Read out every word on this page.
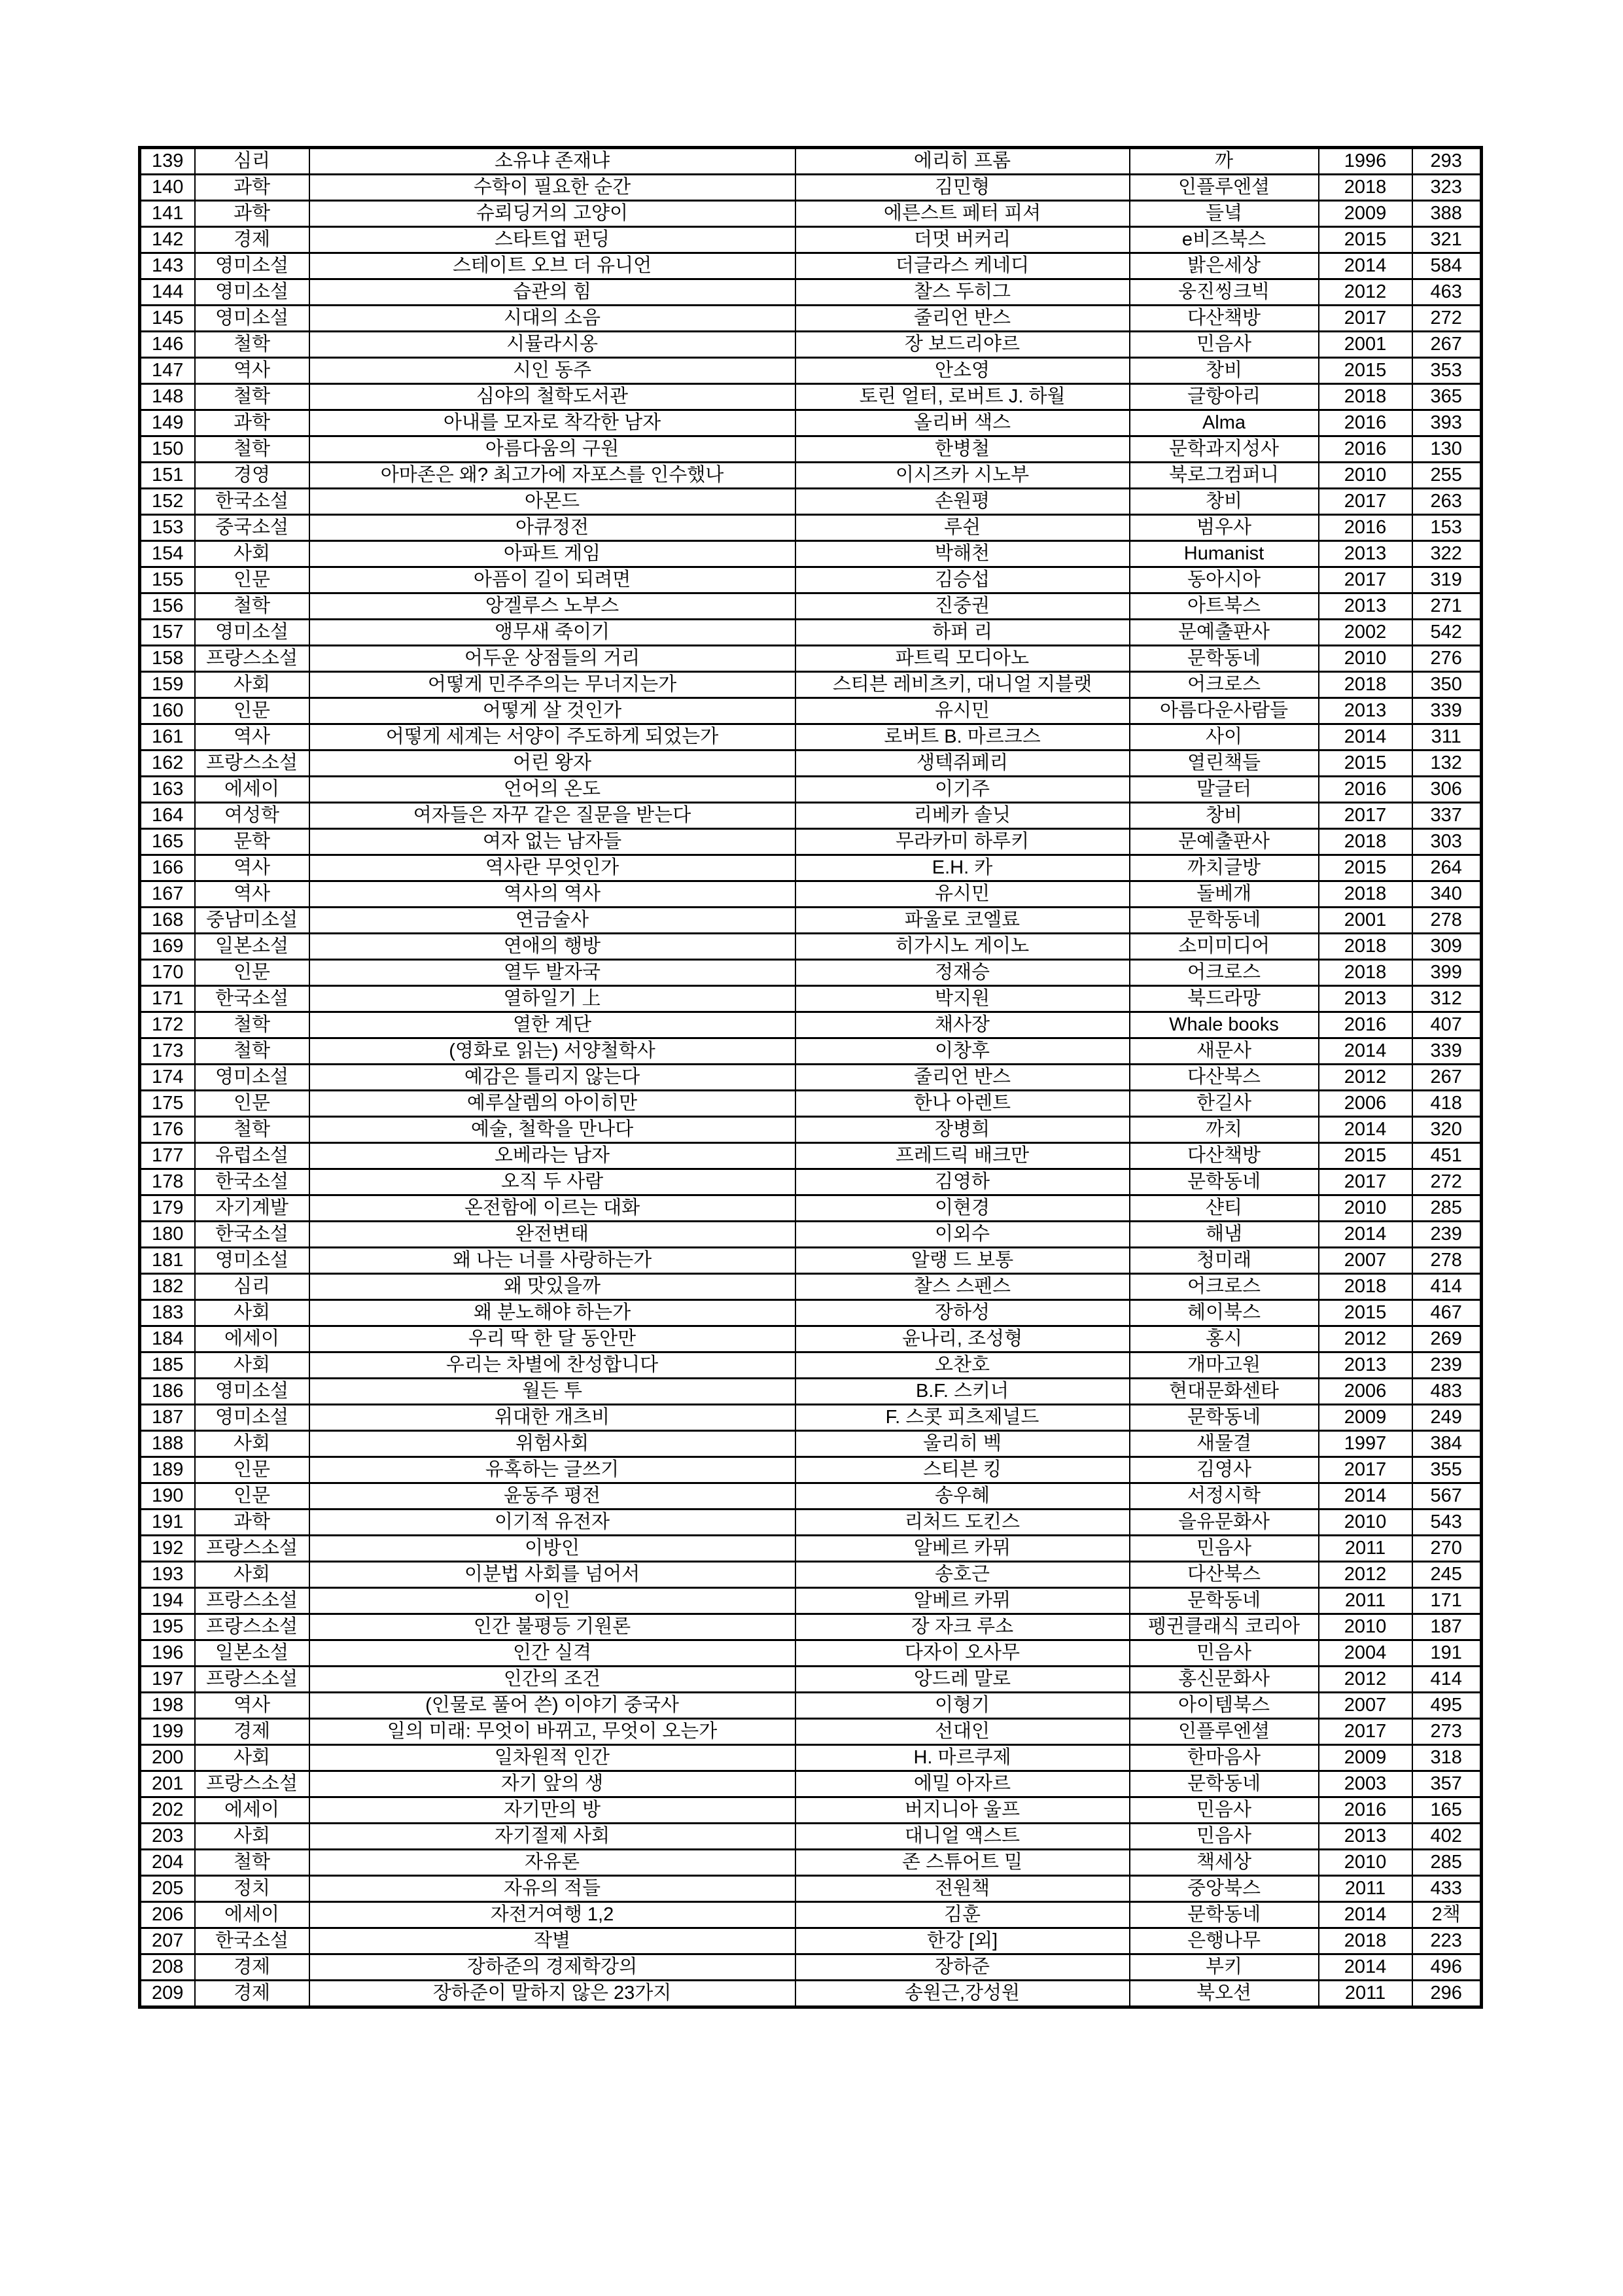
139	심리	소유냐 존재냐	에리히 프롬	까	1996	293
140	과학	수학이 필요한 순간	김민형	인플루엔셜	2018	323
141	과학	슈뢰딩거의 고양이	에른스트 페터 피셔	들녘	2009	388
142	경제	스타트업 펀딩	더멋 버커리	e비즈북스	2015	321
143	영미소설	스테이트 오브 더 유니언	더글라스 케네디	밝은세상	2014	584
144	영미소설	습관의 힘	찰스 두히그	웅진씽크빅	2012	463
145	영미소설	시대의 소음	줄리언 반스	다산책방	2017	272
146	철학	시뮬라시옹	장 보드리야르	민음사	2001	267
147	역사	시인 동주	안소영	창비	2015	353
148	철학	심야의 철학도서관	토린 얼터, 로버트 J. 하월	글항아리	2018	365
149	과학	아내를 모자로 착각한 남자	올리버 색스	Alma	2016	393
150	철학	아름다움의 구원	한병철	문학과지성사	2016	130
151	경영	아마존은 왜? 최고가에 자포스를 인수했나	이시즈카 시노부	북로그컴퍼니	2010	255
152	한국소설	아몬드	손원평	창비	2017	263
153	중국소설	아큐정전	루쉰	범우사	2016	153
154	사회	아파트 게임	박해천	Humanist	2013	322
155	인문	아픔이 길이 되려면	김승섭	동아시아	2017	319
156	철학	앙겔루스 노부스	진중권	아트북스	2013	271
157	영미소설	앵무새 죽이기	하퍼 리	문예출판사	2002	542
158	프랑스소설	어두운 상점들의 거리	파트릭 모디아노	문학동네	2010	276
159	사회	어떻게 민주주의는 무너지는가	스티븐 레비츠키, 대니얼 지블랫	어크로스	2018	350
160	인문	어떻게 살 것인가	유시민	아름다운사람들	2013	339
161	역사	어떻게 세계는 서양이 주도하게 되었는가	로버트 B. 마르크스	사이	2014	311
162	프랑스소설	어린 왕자	생텍쥐페리	열린책들	2015	132
163	에세이	언어의 온도	이기주	말글터	2016	306
164	여성학	여자들은 자꾸 같은 질문을 받는다	리베카 솔닛	창비	2017	337
165	문학	여자 없는 남자들	무라카미 하루키	문예출판사	2018	303
166	역사	역사란 무엇인가	E.H. 카	까치글방	2015	264
167	역사	역사의 역사	유시민	돌베개	2018	340
168	중남미소설	연금술사	파울로 코엘료	문학동네	2001	278
169	일본소설	연애의 행방	히가시노 게이노	소미미디어	2018	309
170	인문	열두 발자국	정재승	어크로스	2018	399
171	한국소설	열하일기 上	박지원	북드라망	2013	312
172	철학	열한 계단	채사장	Whale books	2016	407
173	철학	(영화로 읽는) 서양철학사	이창후	새문사	2014	339
174	영미소설	예감은 틀리지 않는다	줄리언 반스	다산북스	2012	267
175	인문	예루살렘의 아이히만	한나 아렌트	한길사	2006	418
176	철학	예술, 철학을 만나다	장병희	까치	2014	320
177	유럽소설	오베라는 남자	프레드릭 배크만	다산책방	2015	451
178	한국소설	오직 두 사람	김영하	문학동네	2017	272
179	자기계발	온전함에 이르는 대화	이현경	샨티	2010	285
180	한국소설	완전변태	이외수	해냄	2014	239
181	영미소설	왜 나는 너를 사랑하는가	알랭 드 보통	청미래	2007	278
182	심리	왜 맛있을까	찰스 스펜스	어크로스	2018	414
183	사회	왜 분노해야 하는가	장하성	헤이북스	2015	467
184	에세이	우리 딱 한 달 동안만	윤나리, 조성형	홍시	2012	269
185	사회	우리는 차별에 찬성합니다	오찬호	개마고원	2013	239
186	영미소설	월든 투	B.F. 스키너	현대문화센타	2006	483
187	영미소설	위대한 개츠비	F. 스콧 피츠제널드	문학동네	2009	249
188	사회	위험사회	울리히 벡	새물결	1997	384
189	인문	유혹하는 글쓰기	스티븐 킹	김영사	2017	355
190	인문	윤동주 평전	송우혜	서정시학	2014	567
191	과학	이기적 유전자	리처드 도킨스	을유문화사	2010	543
192	프랑스소설	이방인	알베르 카뮈	민음사	2011	270
193	사회	이분법 사회를 넘어서	송호근	다산북스	2012	245
194	프랑스소설	이인	알베르 카뮈	문학동네	2011	171
195	프랑스소설	인간 불평등 기원론	장 자크 루소	펭귄클래식 코리아	2010	187
196	일본소설	인간 실격	다자이 오사무	민음사	2004	191
197	프랑스소설	인간의 조건	앙드레 말로	홍신문화사	2012	414
198	역사	(인물로 풀어 쓴) 이야기 중국사	이형기	아이템북스	2007	495
199	경제	일의 미래: 무엇이 바뀌고, 무엇이 오는가	선대인	인플루엔셜	2017	273
200	사회	일차원적 인간	H. 마르쿠제	한마음사	2009	318
201	프랑스소설	자기 앞의 생	에밀 아자르	문학동네	2003	357
202	에세이	자기만의 방	버지니아 울프	민음사	2016	165
203	사회	자기절제 사회	대니얼 액스트	민음사	2013	402
204	철학	자유론	존 스튜어트 밀	책세상	2010	285
205	정치	자유의 적들	전원책	중앙북스	2011	433
206	에세이	자전거여행 1,2	김훈	문학동네	2014	2책
207	한국소설	작별	한강 [외]	은행나무	2018	223
208	경제	장하준의 경제학강의	장하준	부키	2014	496
209	경제	장하준이 말하지 않은 23가지	송원근,강성원	북오션	2011	296
